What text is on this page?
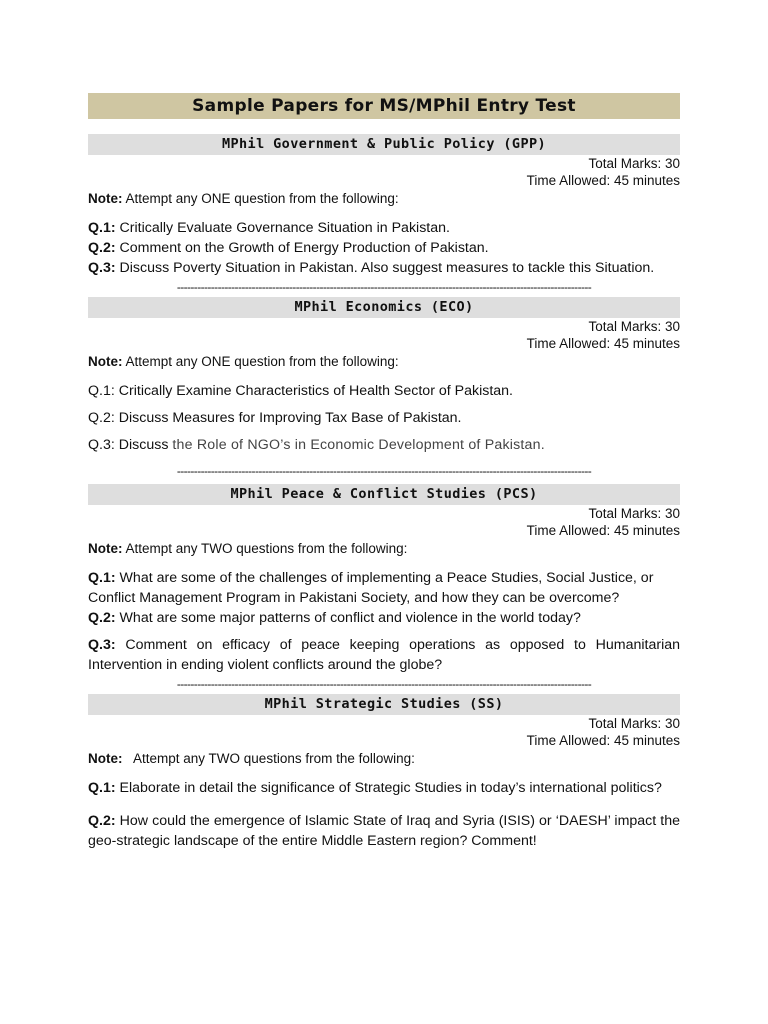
Sample Papers for MS/MPhil Entry Test
MPhil Government & Public Policy (GPP)
Total Marks: 30
Time Allowed: 45 minutes
Note: Attempt any ONE question from the following:

Q.1: Critically Evaluate Governance Situation in Pakistan.

Q.2: Comment on the Growth of Energy Production of Pakistan.

Q.3: Discuss Poverty Situation in Pakistan. Also suggest measures to tackle this Situation.

--------------------------------------------------------------------------------------------------------------------------
MPhil Economics (ECO)
Total Marks: 30
Time Allowed: 45 minutes
Note: Attempt any ONE question from the following:

Q.1: Critically Examine Characteristics of Health Sector of Pakistan.

Q.2: Discuss Measures for Improving Tax Base of Pakistan.

Q.3: Discuss the Role of NGO’s in Economic Development of Pakistan.

--------------------------------------------------------------------------------------------------------------------------
MPhil Peace & Conflict Studies (PCS)
Total Marks: 30
Time Allowed: 45 minutes
Note: Attempt any TWO questions from the following:

Q.1: What are some of the challenges of implementing a Peace Studies, Social Justice, or Conflict Management Program in Pakistani Society, and how they can be overcome?

Q.2: What are some major patterns of conflict and violence in the world today?

Q.3: Comment on efficacy of peace keeping operations as opposed to Humanitarian Intervention in ending violent conflicts around the globe?

--------------------------------------------------------------------------------------------------------------------------
MPhil Strategic Studies (SS)
Total Marks: 30
Time Allowed: 45 minutes
Note:   Attempt any TWO questions from the following:

Q.1: Elaborate in detail the significance of Strategic Studies in today’s international politics?

Q.2: How could the emergence of Islamic State of Iraq and Syria (ISIS) or ‘DAESH’ impact the geo-strategic landscape of the entire Middle Eastern region? Comment!
